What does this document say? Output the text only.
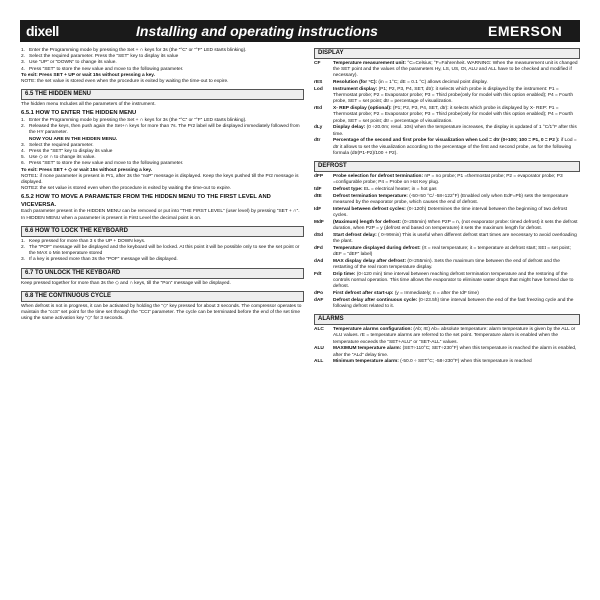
dixell	Installing and operating instructions	EMERSON
1. Enter the Programming mode by pressing the Set + ∩ keys for 3s (the “°C” or “°F” LED starts blinking).
2. Select the required parameter. Press the “SET” key to display its value
3. Use “UP” or “DOWN” to change its value.
4. Press “SET” to store the new value and move to the following parameter.

To exit: Press SET + UP or wait 15s without pressing a key.

NOTE: the set value is stored even when the procedure is exited by waiting the time-out to expire.

6.5 THE HIDDEN MENU

The hidden menu Includes all the parameters of the instrument.

6.5.1 HOW TO ENTER THE HIDDEN MENU
1. Enter the Programming mode by pressing the Set + ∩ keys for 3s (the “°C” or “°F” LED starts blinking).
2. Released the keys, then push again the Set+∩ keys for more than 7s. The Pr2 label will be displayed immediately followed from the HY parameter.
NOW YOU ARE IN THE HIDDEN MENU.
3. Select the required parameter.
4. Press the “SET” key to display its value
5. Use ◇ or ∩ to change its value.
6. Press “SET” to store the new value and move to the following parameter.

To exit: Press SET + ◇ or wait 15s without pressing a key.

NOTE1: if none parameter is present in Pr1, after 3s the “noP” message is displayed. Keep the keys pushed till the Pr2 message is displayed.

NOTE2: the set value is stored even when the procedure is exited by waiting the time-out to expire.

6.5.2 HOW TO MOVE A PARAMETER FROM THE HIDDEN MENU TO THE FIRST LEVEL AND VICEVERSA.

Each parameter present in the HIDDEN MENU can be removed or put into “THE FIRST LEVEL” (user level) by pressing “SET + ∩”.

In HIDDEN MENU when a parameter is present in First Level the decimal point is on.

6.6 HOW TO LOCK THE KEYBOARD
1. Keep pressed for more than 3 s the UP + DOWN keys.
2. The “POF” message will be displayed and the keyboard will be locked. At this point it will be possible only to see the set point or the MAX o Min temperature stored
3. If a key is pressed more than 3s the “POF” message will be displayed.
6.7 TO UNLOCK THE KEYBOARD

Keep pressed together for more than 3s the ◇ and ∩ keys, till the “Pon” message will be displayed.

6.8 THE CONTINUOUS CYCLE

When defrost is not in progress, it can be activated by holding the “◇” key pressed for about 3 seconds. The compressor operates to maintain the “ccS” set point for the time set through the “CCt” parameter. The cycle can be terminated before the end of the set time using the same activation key “◇” for 3 seconds.

DISPLAY
CF	Temperature measurement unit: °C=Celsius; °F=Fahrenheit. WARNING: When the measurement unit is changed the SET point and the values of the parameters Hy, LS, US, Ot, ALU and ALL have to be checked and modified if necessary).
rES	Resolution (for °C): (in = 1°C; dE = 0.1 °C) allows decimal point display.
Lod	Instrument display: (P1; P2, P3, P4, SET, dtr): it selects which probe is displayed by the instrument: P1 = Thermostat probe; P2 = Evaporator probe; P3 = Third probe(only for model with this option enabled); P4 = Fourth probe, SET = set point; dtr = percentage of visualization.
rEd	X- REP display (optional): (P1; P2, P3, P4, SET, dtr): it selects which probe is displayed by X- REP: P1 = Thermostat probe; P2 = Evaporator probe; P3 = Third probe(only for model with this option enabled); P4 = Fourth probe, SET = set point; dtr = percentage of visualization.
dLy	Display delay: (0 ÷20.0m; resul. 10s) when the temperature increases, the display is updated of 1 °C/1°F after this time.
dtr	Percentage of the second and first probe for visualization when Lod = dtr (0÷100; 100 = P1, 0 = P2 ): if Lod = dtr it allows to set the visualization according to the percentage of the first and second probe, as for the following formula (dtr(P1-P2)/100 + P2).
DEFROST
dFP	Probe selection for defrost termination: nP = no probe; P1 =thermostat probe; P2 = evaporator probe; P3 =configurable probe; P4 = Probe on Hot Key plug.
tdF	Defrost type: EL = electrical heater; in = hot gas
dtE	Defrost termination temperature: (-50÷50 °C/ -58÷122°F) (Enabled only when EdF=Pb) sets the temperature measured by the evaporator probe, which causes the end of defrost.
IdF	Interval between defrost cycles: (0÷120h) Determines the time interval between the beginning of two defrost cycles.
MdF	(Maximum) length for defrost: (0÷255min) When P2P = n, (not evaporator probe: timed defrost) it sets the defrost duration, when P2P = y (defrost end based on temperature) it sets the maximum length for defrost.
dSd	Start defrost delay: ( 0÷99min) This is useful when different defrost start times are necessary to avoid overloading the plant.
dFd	Temperature displayed during defrost: (rt = real temperature; it = temperature at defrost start; SEt = set point; dEF = “dEF” label)
dAd	MAX display delay after defrost: (0÷255min). Sets the maximum time between the end of defrost and the restarting of the real room temperature display.
Fdt	Drip time: (0÷120 min) time interval between reaching defrost termination temperature and the restoring of the controls normal operation. This time allows the evaporator to eliminate water drops that might have formed due to defrost.
dPo	First defrost after start-up: (y = Immediately; n = after the IdF time)
dAF	Defrost delay after continuous cycle: (0÷23.5h) time interval between the end of the fast freezing cycle and the following defrost related to it.
ALARMS
ALC	Temperature alarms configuration: (Ab; rE) Ab= absolute temperature: alarm temperature is given by the ALL or ALU values. rE = temperature alarms are referred to the set point. Temperature alarm is enabled when the temperature exceeds the “SET+ALU” or “SET-ALL” values.
ALU	MAXIMUM temperature alarm: (SET÷110°C; SET÷230°F) when this temperature is reached the alarm is enabled, after the “ALd” delay time.
ALL	Minimum temperature alarm: (-50.0 ÷ SET°C; -58÷230°F) when this temperature is reached
